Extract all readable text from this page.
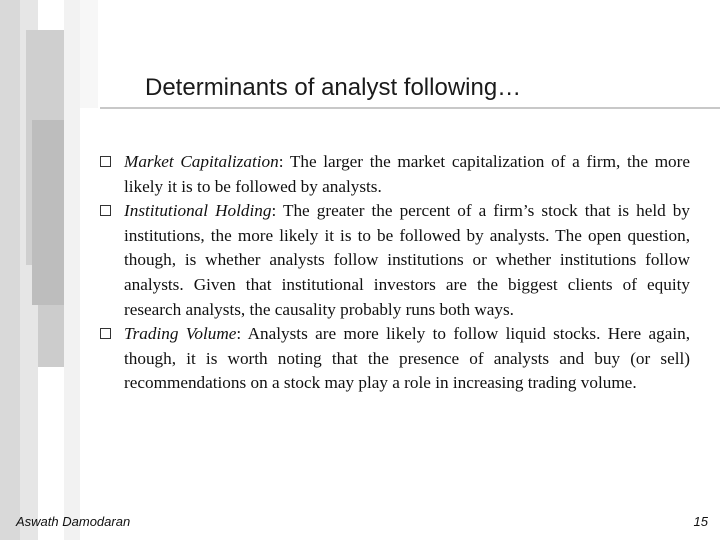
Determinants of analyst following…
Market Capitalization: The larger the market capitalization of a firm, the more likely it is to be followed by analysts.
Institutional Holding: The greater the percent of a firm’s stock that is held by institutions, the more likely it is to be followed by analysts. The open question, though, is whether analysts follow institutions or whether institutions follow analysts. Given that institutional investors are the biggest clients of equity research analysts, the causality probably runs both ways.
Trading Volume: Analysts are more likely to follow liquid stocks. Here again, though, it is worth noting that the presence of analysts and buy (or sell) recommendations on a stock may play a role in increasing trading volume.
Aswath Damodaran	15
